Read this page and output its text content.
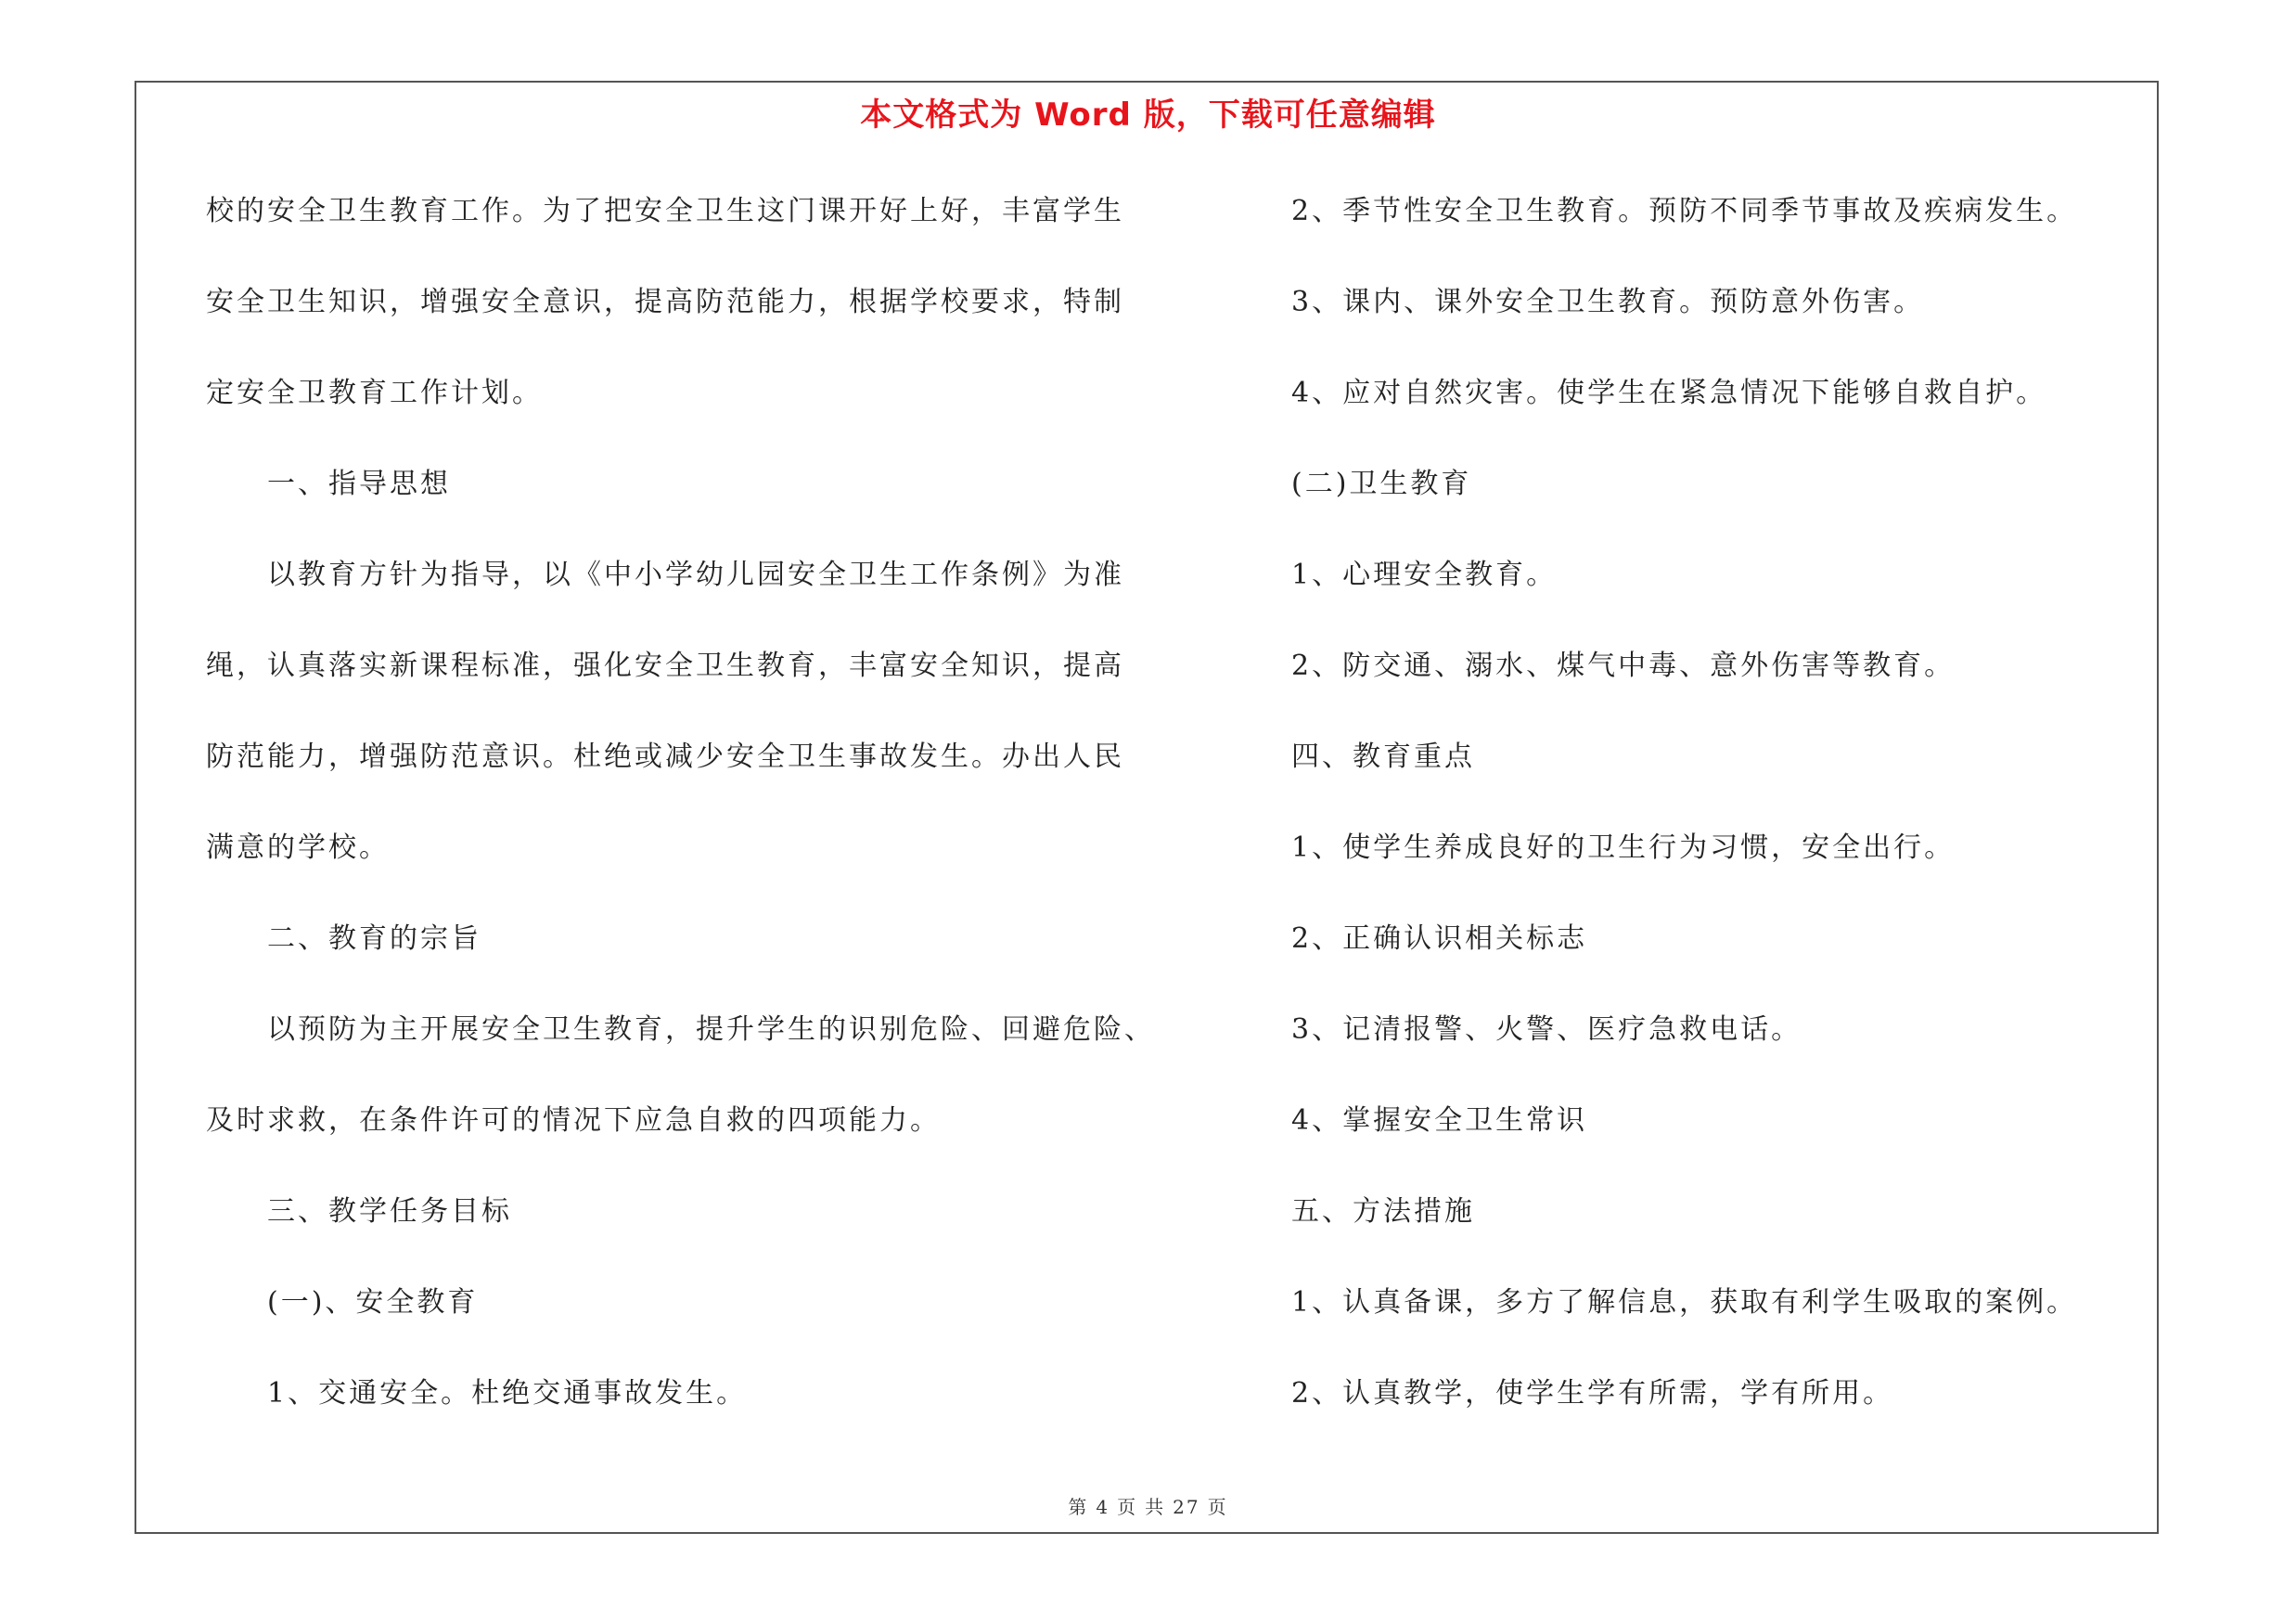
本文格式为 Word 版，下载可任意编辑
校的安全卫生教育工作。为了把安全卫生这门课开好上好，丰富学生
安全卫生知识，增强安全意识，提高防范能力，根据学校要求，特制
定安全卫教育工作计划。
一、指导思想
以教育方针为指导，以《中小学幼儿园安全卫生工作条例》为准
绳，认真落实新课程标准，强化安全卫生教育，丰富安全知识，提高
防范能力，增强防范意识。杜绝或减少安全卫生事故发生。办出人民
满意的学校。
二、教育的宗旨
以预防为主开展安全卫生教育，提升学生的识别危险、回避危险、
及时求救，在条件许可的情况下应急自救的四项能力。
三、教学任务目标
(一)、安全教育
1、交通安全。杜绝交通事故发生。
2、季节性安全卫生教育。预防不同季节事故及疾病发生。
3、课内、课外安全卫生教育。预防意外伤害。
4、应对自然灾害。使学生在紧急情况下能够自救自护。
(二)卫生教育
1、心理安全教育。
2、防交通、溺水、煤气中毒、意外伤害等教育。
四、教育重点
1、使学生养成良好的卫生行为习惯，安全出行。
2、正确认识相关标志
3、记清报警、火警、医疗急救电话。
4、掌握安全卫生常识
五、方法措施
1、认真备课，多方了解信息，获取有利学生吸取的案例。
2、认真教学，使学生学有所需，学有所用。
第 4 页 共 27 页
